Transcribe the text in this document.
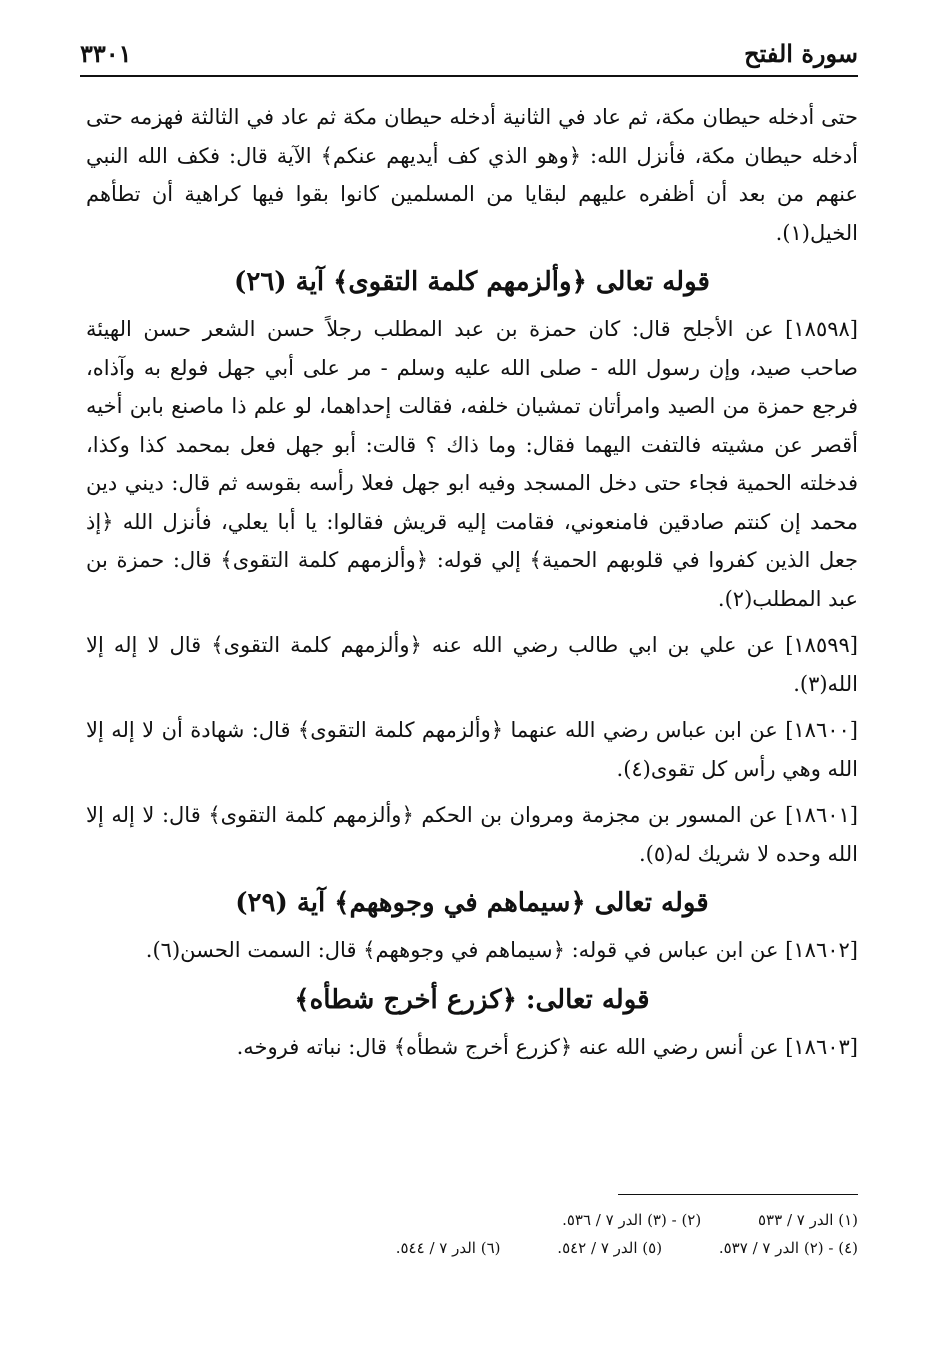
سورة الفتح
٣٣٠١

حتى أدخله حيطان مكة، ثم عاد في الثانية أدخله حيطان مكة ثم عاد في الثالثة فهزمه حتى أدخله حيطان مكة، فأنزل الله: ﴿وهو الذي كف أيديهم عنكم﴾ الآية قال: فكف الله النبي عنهم من بعد أن أظفره عليهم لبقايا من المسلمين كانوا بقوا فيها كراهية أن تطأهم الخيل(١).

قوله تعالى ﴿وألزمهم كلمة التقوى﴾ آية (٢٦)

[١٨٥٩٨] عن الأجلح قال: كان حمزة بن عبد المطلب رجلاً حسن الشعر حسن الهيئة صاحب صيد، وإن رسول الله - صلى الله عليه وسلم - مر على أبي جهل فولع به وآذاه، فرجع حمزة من الصيد وامرأتان تمشيان خلفه، فقالت إحداهما، لو علم ذا ماصنع بابن أخيه أقصر عن مشيته فالتفت اليهما فقال: وما ذاك ؟ قالت: أبو جهل فعل بمحمد كذا وكذا، فدخلته الحمية فجاء حتى دخل المسجد وفيه ابو جهل فعلا رأسه بقوسه ثم قال: ديني دين محمد إن كنتم صادقين فامنعوني، فقامت إليه قريش فقالوا: يا أبا يعلي، فأنزل الله ﴿إذ جعل الذين كفروا في قلوبهم الحمية﴾ إلي قوله: ﴿وألزمهم كلمة التقوى﴾ قال: حمزة بن عبد المطلب(٢).

[١٨٥٩٩] عن علي بن ابي طالب رضي الله عنه ﴿وألزمهم كلمة التقوى﴾ قال لا إله إلا الله(٣).

[١٨٦٠٠] عن ابن عباس رضي الله عنهما ﴿وألزمهم كلمة التقوى﴾ قال: شهادة أن لا إله إلا الله وهي رأس كل تقوى(٤).

[١٨٦٠١] عن المسور بن مجزمة ومروان بن الحكم ﴿وألزمهم كلمة التقوى﴾ قال: لا إله إلا الله وحده لا شريك له(٥).

قوله تعالى ﴿سيماهم في وجوههم﴾ آية (٢٩)

[١٨٦٠٢] عن ابن عباس في قوله: ﴿سيماهم في وجوههم﴾ قال: السمت الحسن(٦).

قوله تعالى: ﴿كزرع أخرج شطأه﴾

[١٨٦٠٣] عن أنس رضي الله عنه ﴿كزرع أخرج شطأه﴾ قال: نباته فروخه.

(١) الدر ٧ / ٥٣٣ (٢) - (٣) الدر ٧ / ٥٣٦.
(٤) - (٢) الدر ٧ / ٥٣٧. (٥) الدر ٧ / ٥٤٢. (٦) الدر ٧ / ٥٤٤.
